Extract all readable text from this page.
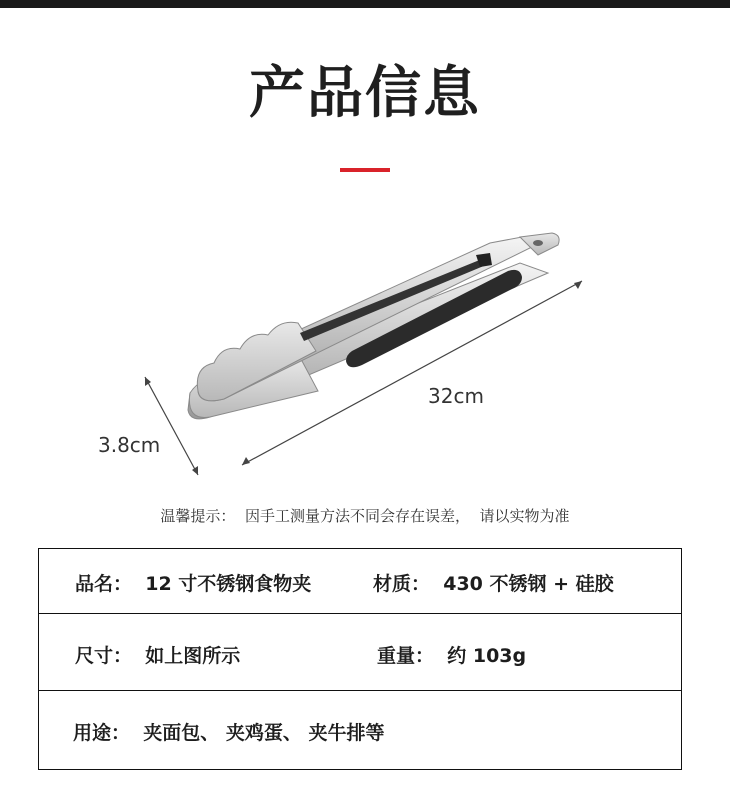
产品信息
32cm
3.8cm
温馨提示： 因手工测量方法不同会存在误差， 请以实物为准
品名：  12 寸不锈钢食物夹	材质：  430 不锈钢 + 硅胶
尺寸：  如上图所示	重量：  约 103g
用途：  夹面包、 夹鸡蛋、 夹牛排等
